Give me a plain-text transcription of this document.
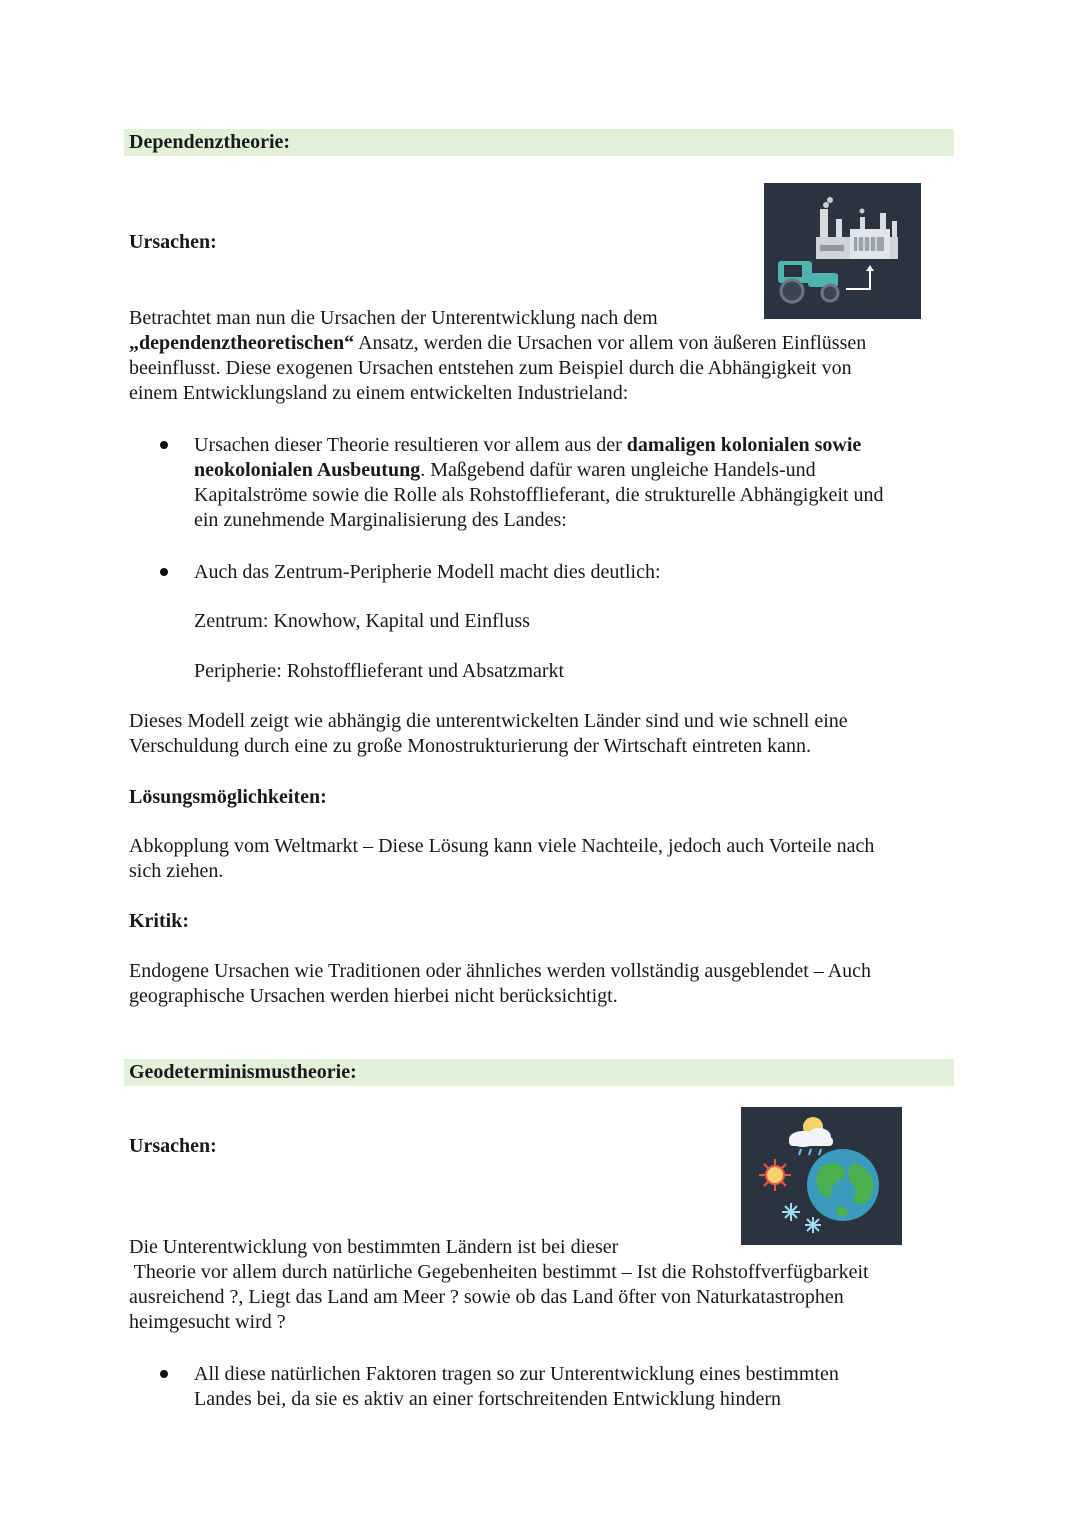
Dependenztheorie:
Ursachen:
Betrachtet man nun die Ursachen der Unterentwicklung nach dem
„dependenztheoretischen“ Ansatz, werden die Ursachen vor allem von äußeren Einflüssen
beeinflusst. Diese exogenen Ursachen entstehen zum Beispiel durch die Abhängigkeit von
einem Entwicklungsland zu einem entwickelten Industrieland:
Ursachen dieser Theorie resultieren vor allem aus der damaligen kolonialen sowie
neokolonialen Ausbeutung. Maßgebend dafür waren ungleiche Handels-und
Kapitalströme sowie die Rolle als Rohstofflieferant, die strukturelle Abhängigkeit und
ein zunehmende Marginalisierung des Landes:
Auch das Zentrum-Peripherie Modell macht dies deutlich:
Zentrum: Knowhow, Kapital und Einfluss
Peripherie: Rohstofflieferant und Absatzmarkt
Dieses Modell zeigt wie abhängig die unterentwickelten Länder sind und wie schnell eine
Verschuldung durch eine zu große Monostrukturierung der Wirtschaft eintreten kann.
Lösungsmöglichkeiten:
Abkopplung vom Weltmarkt – Diese Lösung kann viele Nachteile, jedoch auch Vorteile nach
sich ziehen.
Kritik:
Endogene Ursachen wie Traditionen oder ähnliches werden vollständig ausgeblendet – Auch
geographische Ursachen werden hierbei nicht berücksichtigt.
Geodeterminismustheorie:
Ursachen:
Die Unterentwicklung von bestimmten Ländern ist bei dieser
Theorie vor allem durch natürliche Gegebenheiten bestimmt – Ist die Rohstoffverfügbarkeit
ausreichend ?, Liegt das Land am Meer ? sowie ob das Land öfter von Naturkatastrophen
heimgesucht wird ?
All diese natürlichen Faktoren tragen so zur Unterentwicklung eines bestimmten
Landes bei, da sie es aktiv an einer fortschreitenden Entwicklung hindern
